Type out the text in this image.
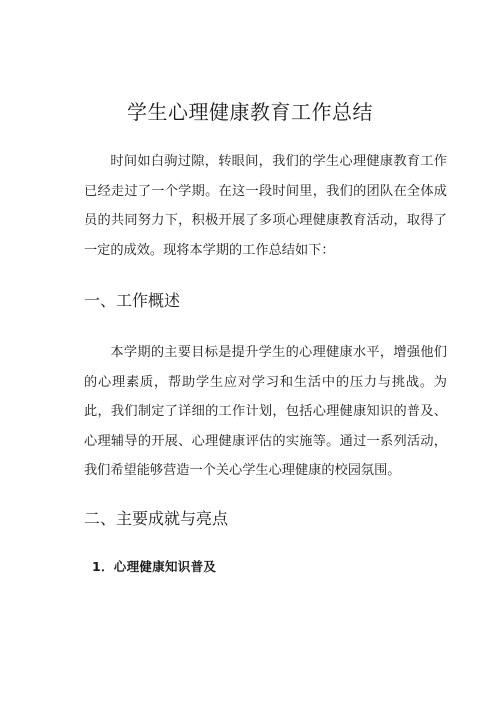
学生心理健康教育工作总结

时间如白驹过隙，转眼间，我们的学生心理健康教育工作已经走过了一个学期。在这一段时间里，我们的团队在全体成员的共同努力下，积极开展了多项心理健康教育活动，取得了一定的成效。现将本学期的工作总结如下：

一、工作概述

本学期的主要目标是提升学生的心理健康水平，增强他们的心理素质，帮助学生应对学习和生活中的压力与挑战。为此，我们制定了详细的工作计划，包括心理健康知识的普及、心理辅导的开展、心理健康评估的实施等。通过一系列活动，我们希望能够营造一个关心学生心理健康的校园氛围。

二、主要成就与亮点
1．心理健康知识普及
